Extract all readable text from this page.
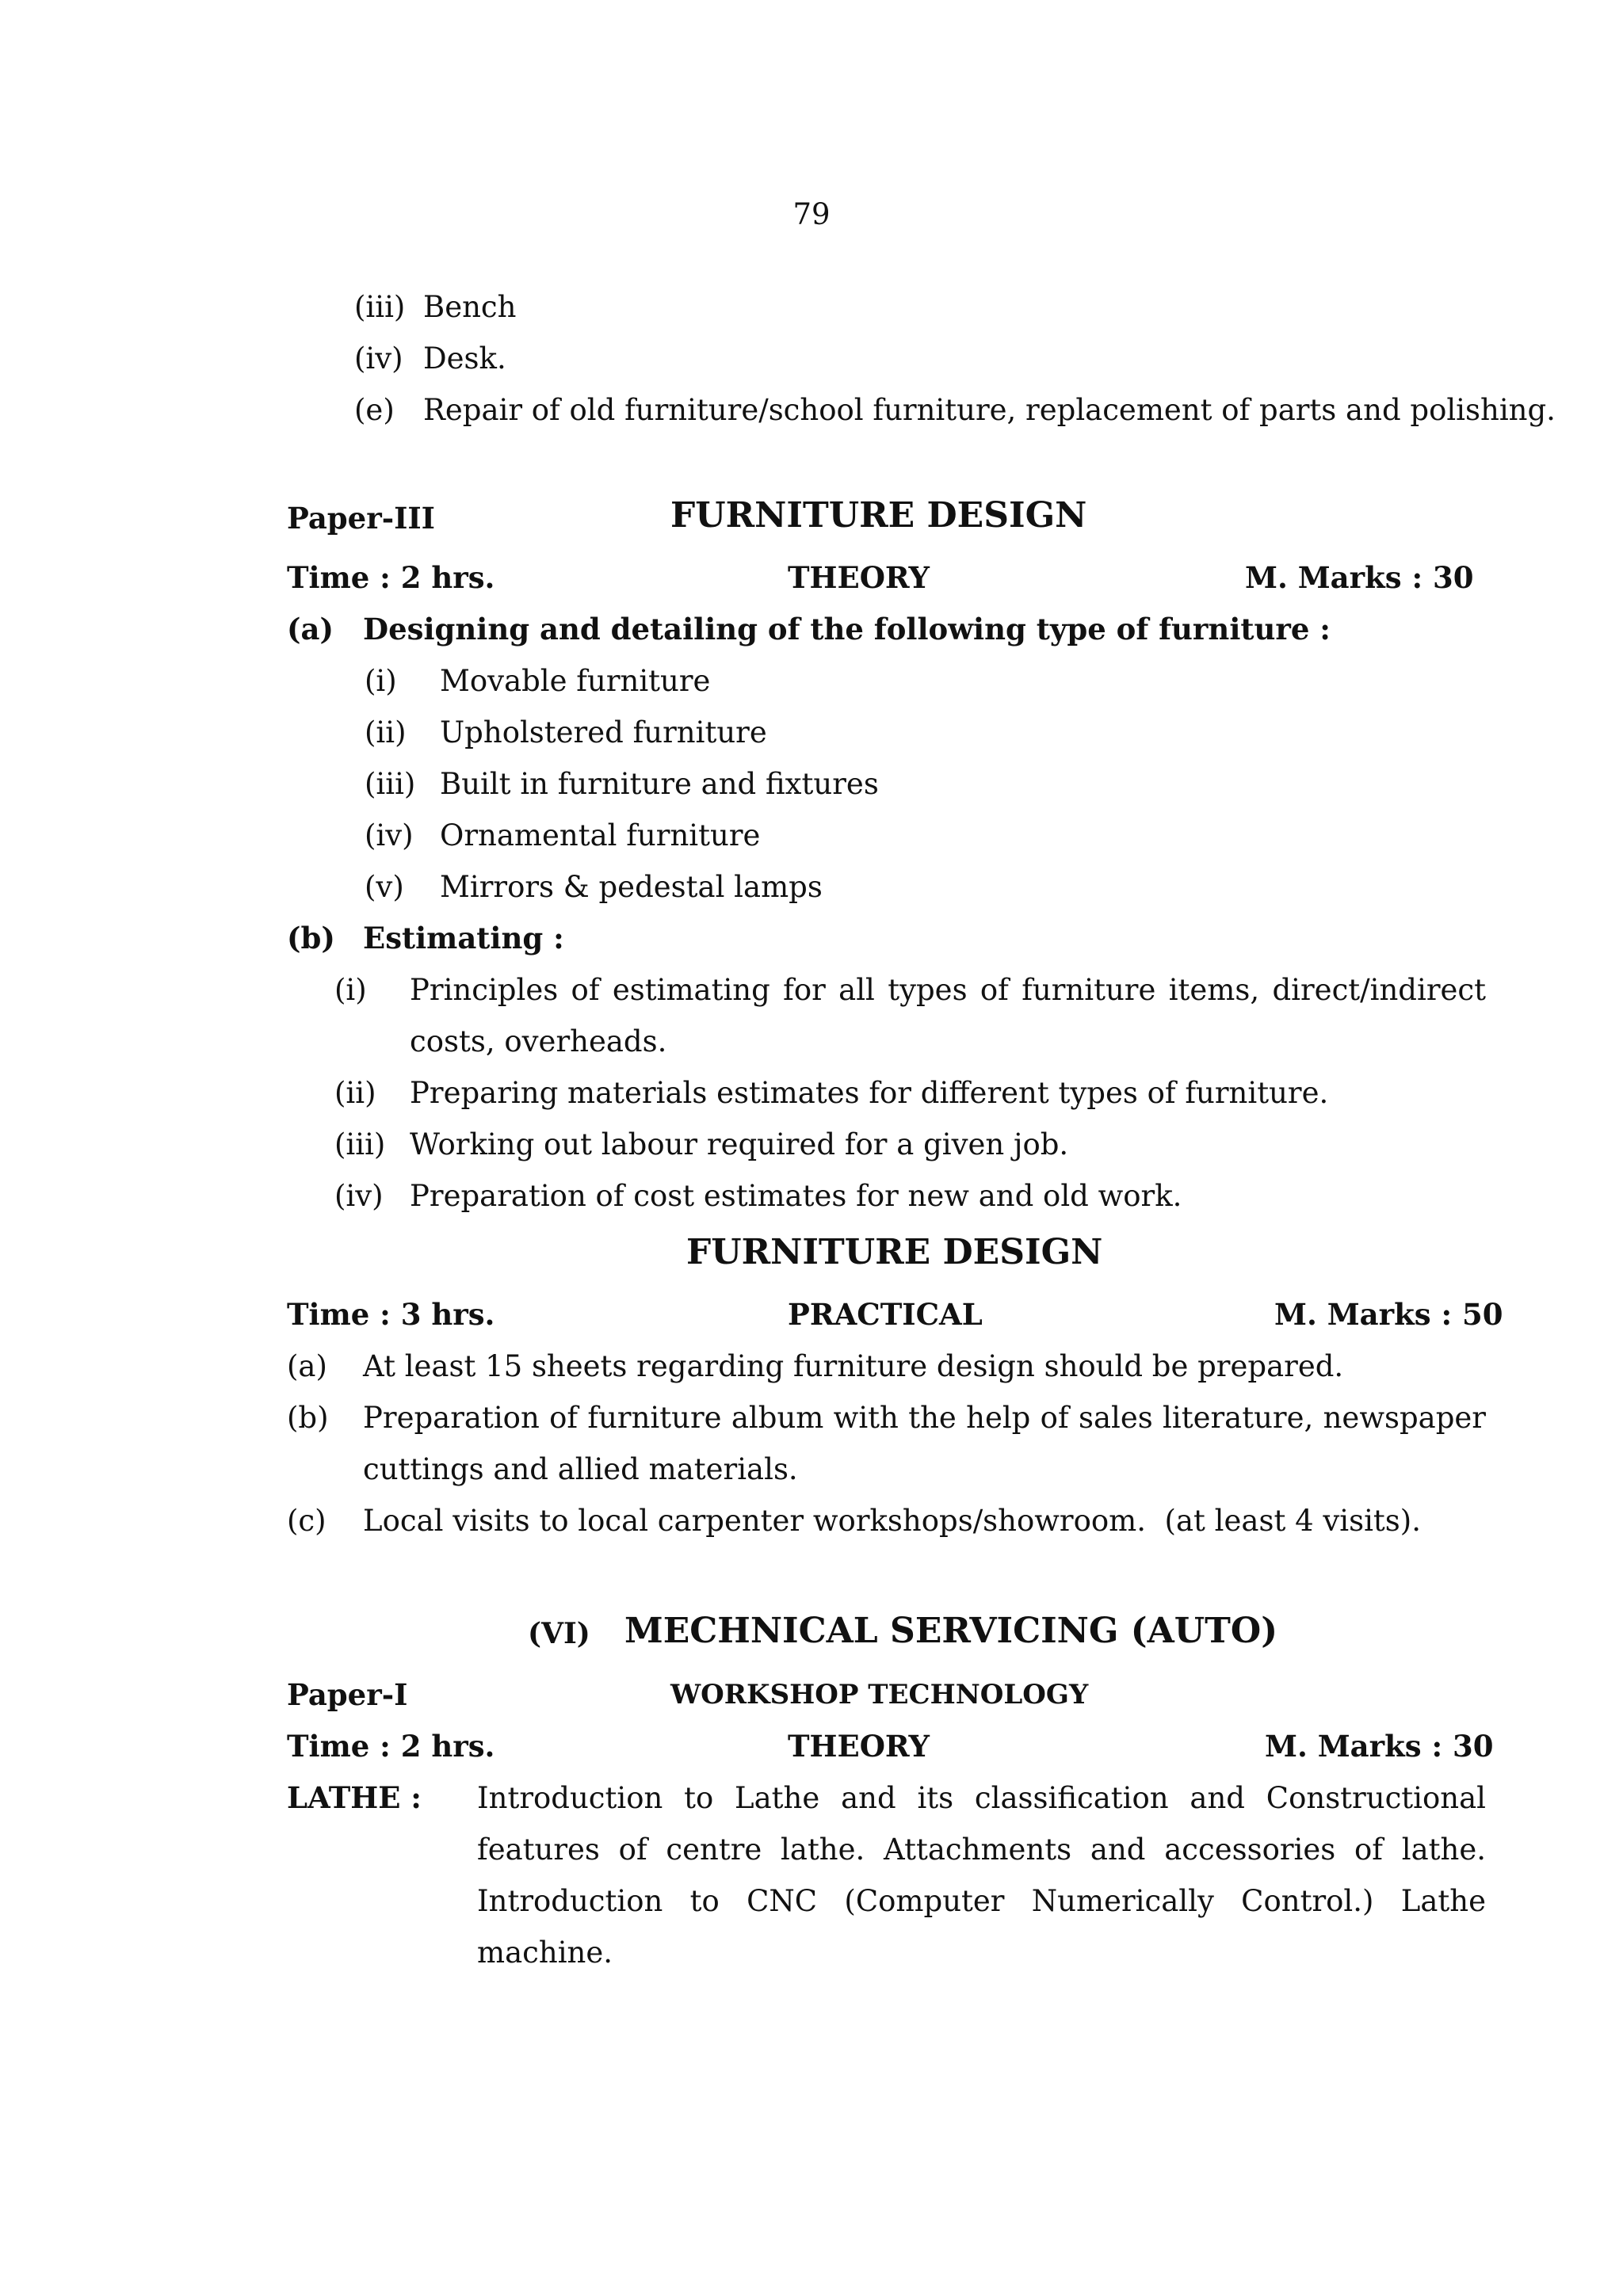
79
(iii) Bench
(iv) Desk.
(e) Repair of old furniture/school furniture, replacement of parts and polishing.
Paper-III	FURNITURE DESIGN
Time : 2 hrs.	THEORY	M. Marks : 30
(a) Designing and detailing of the following type of furniture :
(i) Movable furniture
(ii) Upholstered furniture
(iii) Built in furniture and fixtures
(iv) Ornamental furniture
(v) Mirrors & pedestal lamps
(b) Estimating :
(i) Principles of estimating for all types of furniture items, direct/indirect costs, overheads.
(ii) Preparing materials estimates for different types of furniture.
(iii) Working out labour required for a given job.
(iv) Preparation of cost estimates for new and old work.
FURNITURE DESIGN
Time : 3 hrs.	PRACTICAL	M. Marks : 50
(a) At least 15 sheets regarding furniture design should be prepared.
(b) Preparation of furniture album with the help of sales literature, newspaper cuttings and allied materials.
(c) Local visits to local carpenter workshops/showroom.  (at least 4 visits).
(VI) MECHNICAL SERVICING (AUTO)
Paper-I	WORKSHOP TECHNOLOGY
Time : 2 hrs.	THEORY	M. Marks : 30
LATHE : Introduction to Lathe and its classification and Constructional features of centre lathe. Attachments and accessories of lathe. Introduction to CNC (Computer Numerically Control.) Lathe machine.
